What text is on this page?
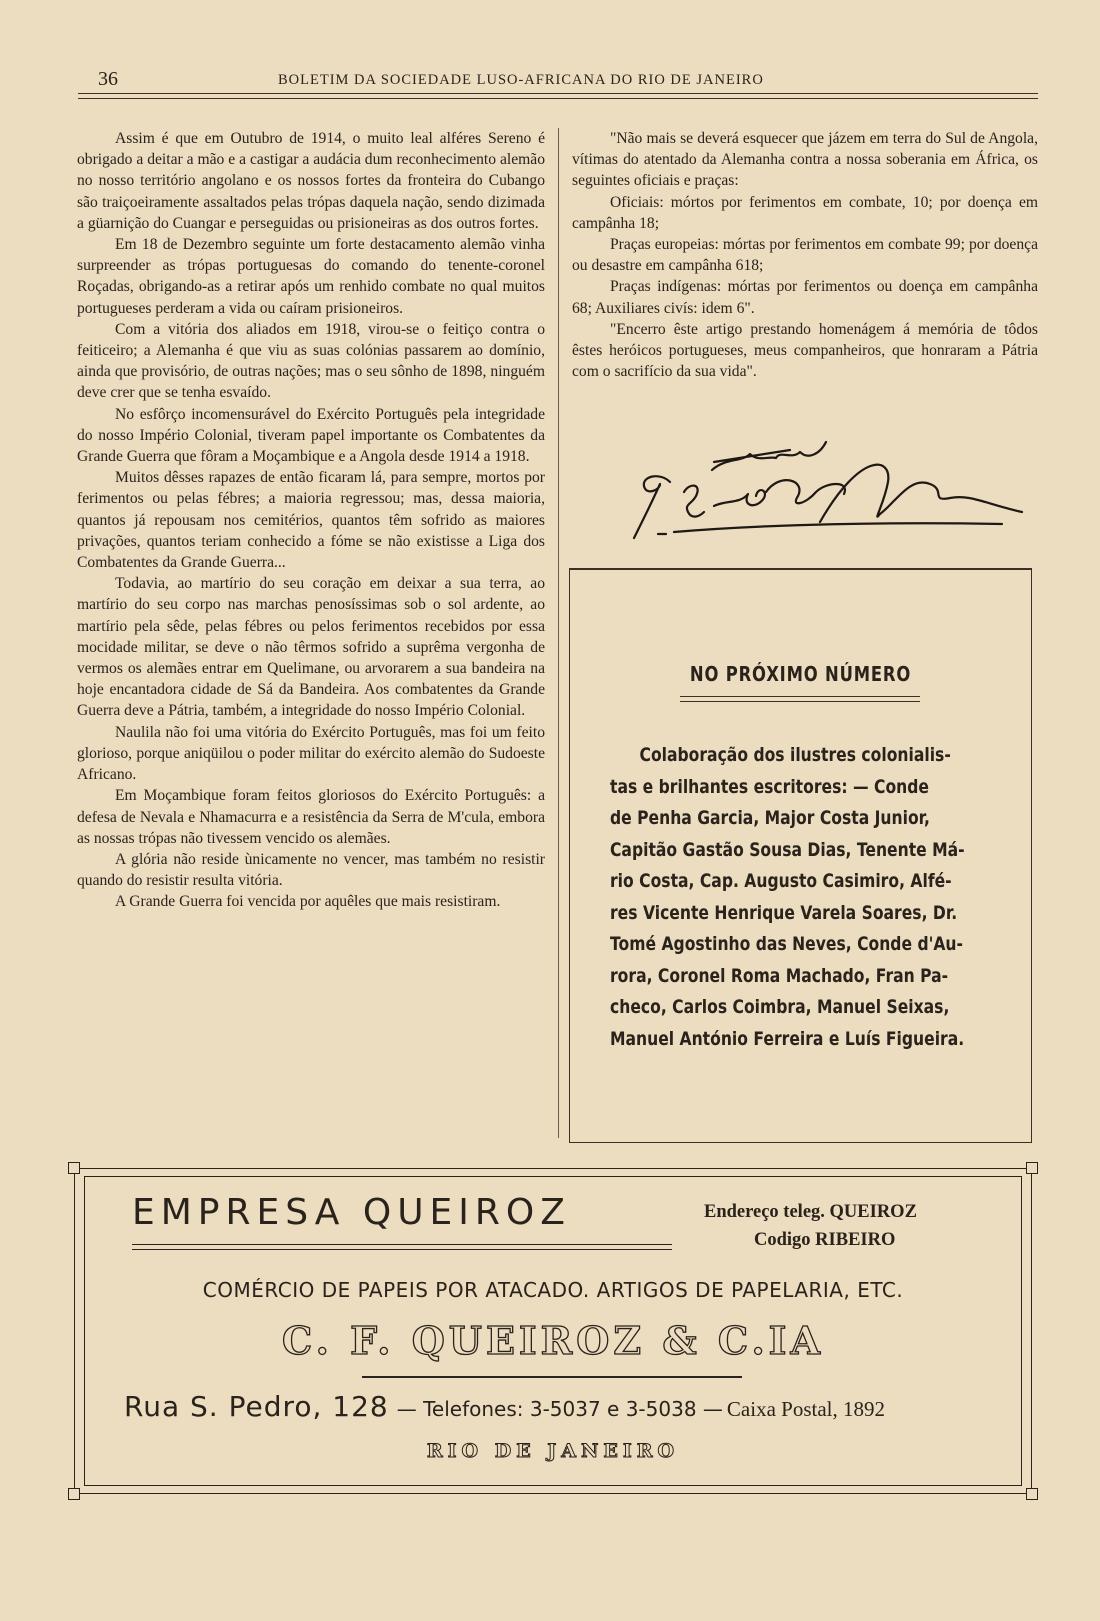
36	BOLETIM DA SOCIEDADE LUSO-AFRICANA DO RIO DE JANEIRO

Assim é que em Outubro de 1914, o muito leal alféres Sereno é obrigado a deitar a mão e a castigar a audácia dum reconhecimento alemão no nosso território angolano e os nossos fortes da fronteira do Cubango são traiçoeiramente assaltados pelas trópas daquela nação, sendo dizimada a güarnição do Cuangar e perseguidas ou prisioneiras as dos outros fortes.

Em 18 de Dezembro seguinte um forte destacamento alemão vinha surpreender as trópas portuguesas do comando do tenente-coronel Roçadas, obrigando-as a retirar após um renhido combate no qual muitos portugueses perderam a vida ou caíram prisioneiros.

Com a vitória dos aliados em 1918, virou-se o feitiço contra o feiticeiro; a Alemanha é que viu as suas colónias passarem ao domínio, ainda que provisório, de outras nações; mas o seu sônho de 1898, ninguém deve crer que se tenha esvaído.

No esfôrço incomensurável do Exército Português pela integridade do nosso Império Colonial, tiveram papel importante os Combatentes da Grande Guerra que fôram a Moçambique e a Angola desde 1914 a 1918.

Muitos dêsses rapazes de então ficaram lá, para sempre, mortos por ferimentos ou pelas fébres; a maioria regressou; mas, dessa maioria, quantos já repousam nos cemitérios, quantos têm sofrido as maiores privações, quantos teriam conhecido a fóme se não existisse a Liga dos Combatentes da Grande Guerra...

Todavia, ao martírio do seu coração em deixar a sua terra, ao martírio do seu corpo nas marchas penosíssimas sob o sol ardente, ao martírio pela sêde, pelas fébres ou pelos ferimentos recebidos por essa mocidade militar, se deve o não têrmos sofrido a suprêma vergonha de vermos os alemães entrar em Quelimane, ou arvorarem a sua bandeira na hoje encantadora cidade de Sá da Bandeira. Aos combatentes da Grande Guerra deve a Pátria, também, a integridade do nosso Império Colonial.

Naulila não foi uma vitória do Exército Português, mas foi um feito glorioso, porque aniqüilou o poder militar do exército alemão do Sudoeste Africano.

Em Moçambique foram feitos gloriosos do Exército Português: a defesa de Nevala e Nhamacurra e a resistência da Serra de M'cula, embora as nossas trópas não tivessem vencido os alemães.

A glória não reside ùnicamente no vencer, mas também no resistir quando do resistir resulta vitória.

A Grande Guerra foi vencida por aquêles que mais resistiram.

"Não mais se deverá esquecer que jázem em terra do Sul de Angola, vítimas do atentado da Alemanha contra a nossa soberania em África, os seguintes oficiais e praças:

Oficiais: mórtos por ferimentos em combate, 10; por doença em campânha 18;

Praças europeias: mórtas por ferimentos em combate 99; por doença ou desastre em campânha 618;

Praças indígenas: mórtas por ferimentos ou doença em campânha 68; Auxiliares civís: idem 6".

"Encerro êste artigo prestando homenágem á memória de tôdos êstes heróicos portugueses, meus companheiros, que honraram a Pátria com o sacrifício da sua vida".

NO PRÓXIMO NÚMERO
Colaboração dos ilustres colonialis-
tas e brilhantes escritores: — Conde
de Penha Garcia, Major Costa Junior,
Capitão Gastão Sousa Dias, Tenente Má-
rio Costa, Cap. Augusto Casimiro, Alfé-
res Vicente Henrique Varela Soares, Dr.
Tomé Agostinho das Neves, Conde d'Au-
rora, Coronel Roma Machado, Fran Pa-
checo, Carlos Coimbra, Manuel Seixas,
Manuel António Ferreira e Luís Figueira.
EMPRESA QUEIROZ	Endereço teleg. QUEIROZ
Codigo RIBEIRO
COMÉRCIO DE PAPEIS POR ATACADO. ARTIGOS DE PAPELARIA, ETC.
C. F. QUEIROZ & C.IA
Rua S. Pedro, 128 — Telefones: 3-5037 e 3-5038 — Caixa Postal, 1892
RIO DE JANEIRO
